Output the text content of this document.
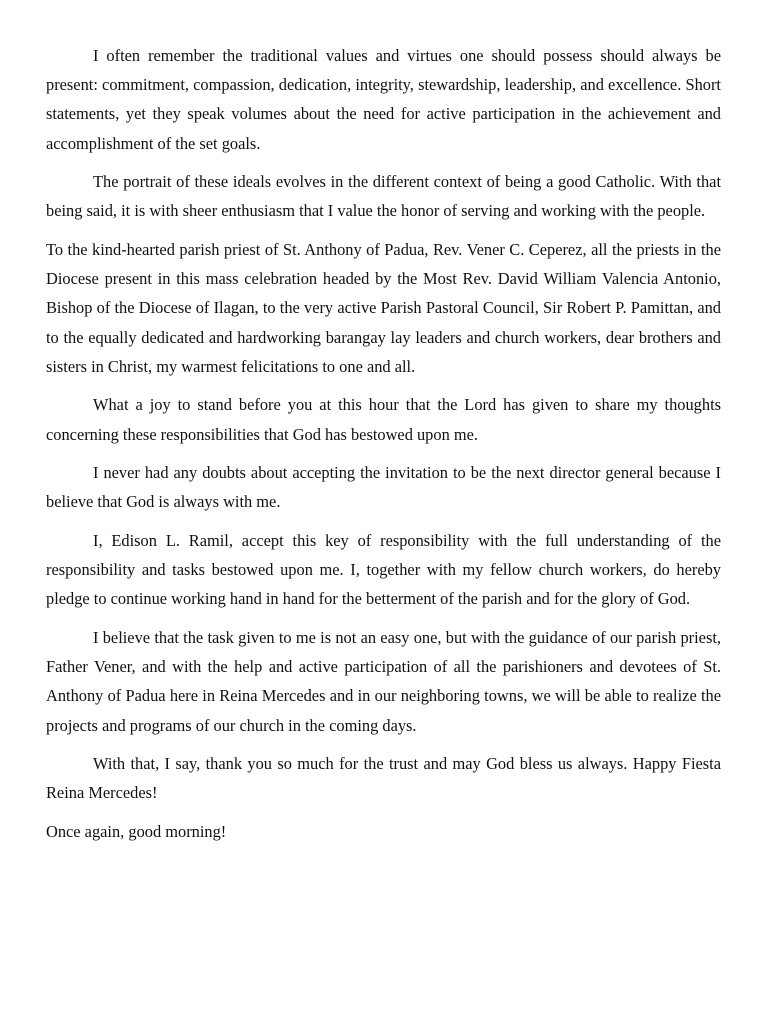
I often remember the traditional values and virtues one should possess should always be present: commitment, compassion, dedication, integrity, stewardship, leadership, and excellence. Short statements, yet they speak volumes about the need for active participation in the achievement and accomplishment of the set goals.

The portrait of these ideals evolves in the different context of being a good Catholic. With that being said, it is with sheer enthusiasm that I value the honor of serving and working with the people.

To the kind-hearted parish priest of St. Anthony of Padua, Rev. Vener C. Ceperez, all the priests in the Diocese present in this mass celebration headed by the Most Rev. David William Valencia Antonio, Bishop of the Diocese of Ilagan, to the very active Parish Pastoral Council, Sir Robert P. Pamittan, and to the equally dedicated and hardworking barangay lay leaders and church workers, dear brothers and sisters in Christ, my warmest felicitations to one and all.

What a joy to stand before you at this hour that the Lord has given to share my thoughts concerning these responsibilities that God has bestowed upon me.

I never had any doubts about accepting the invitation to be the next director general because I believe that God is always with me.

I, Edison L. Ramil, accept this key of responsibility with the full understanding of the responsibility and tasks bestowed upon me. I, together with my fellow church workers, do hereby pledge to continue working hand in hand for the betterment of the parish and for the glory of God.

I believe that the task given to me is not an easy one, but with the guidance of our parish priest, Father Vener, and with the help and active participation of all the parishioners and devotees of St. Anthony of Padua here in Reina Mercedes and in our neighboring towns, we will be able to realize the projects and programs of our church in the coming days.

With that, I say, thank you so much for the trust and may God bless us always. Happy Fiesta Reina Mercedes!

Once again, good morning!
